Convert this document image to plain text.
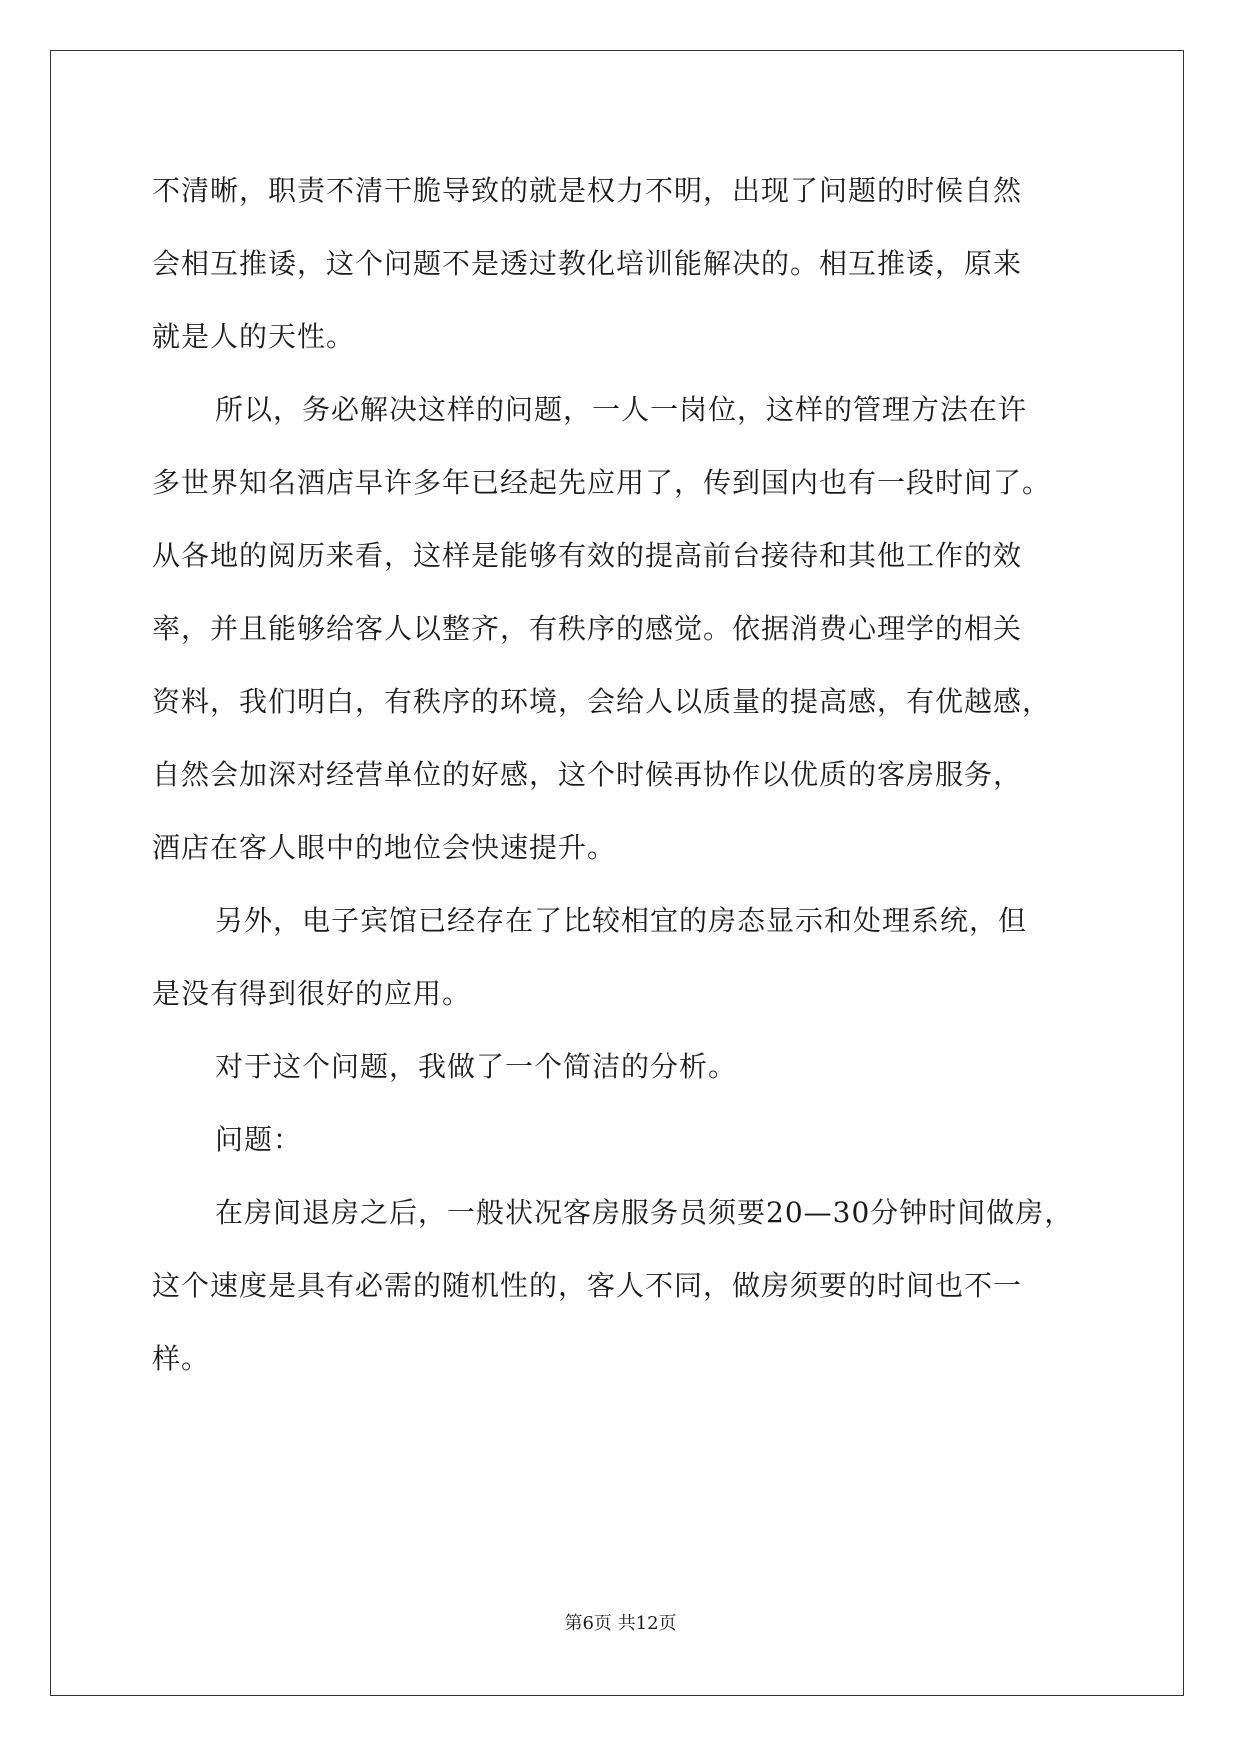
不清晰，职责不清干脆导致的就是权力不明，出现了问题的时候自然
会相互推诿，这个问题不是透过教化培训能解决的。相互推诿，原来
就是人的天性。
所以，务必解决这样的问题，一人一岗位，这样的管理方法在许
多世界知名酒店早许多年已经起先应用了，传到国内也有一段时间了。
从各地的阅历来看，这样是能够有效的提高前台接待和其他工作的效
率，并且能够给客人以整齐，有秩序的感觉。依据消费心理学的相关
资料，我们明白，有秩序的环境，会给人以质量的提高感，有优越感，
自然会加深对经营单位的好感，这个时候再协作以优质的客房服务，
酒店在客人眼中的地位会快速提升。
另外，电子宾馆已经存在了比较相宜的房态显示和处理系统，但
是没有得到很好的应用。
对于这个问题，我做了一个简洁的分析。
问题：
在房间退房之后，一般状况客房服务员须要20—30分钟时间做房，
这个速度是具有必需的随机性的，客人不同，做房须要的时间也不一
样。
第6页 共12页
